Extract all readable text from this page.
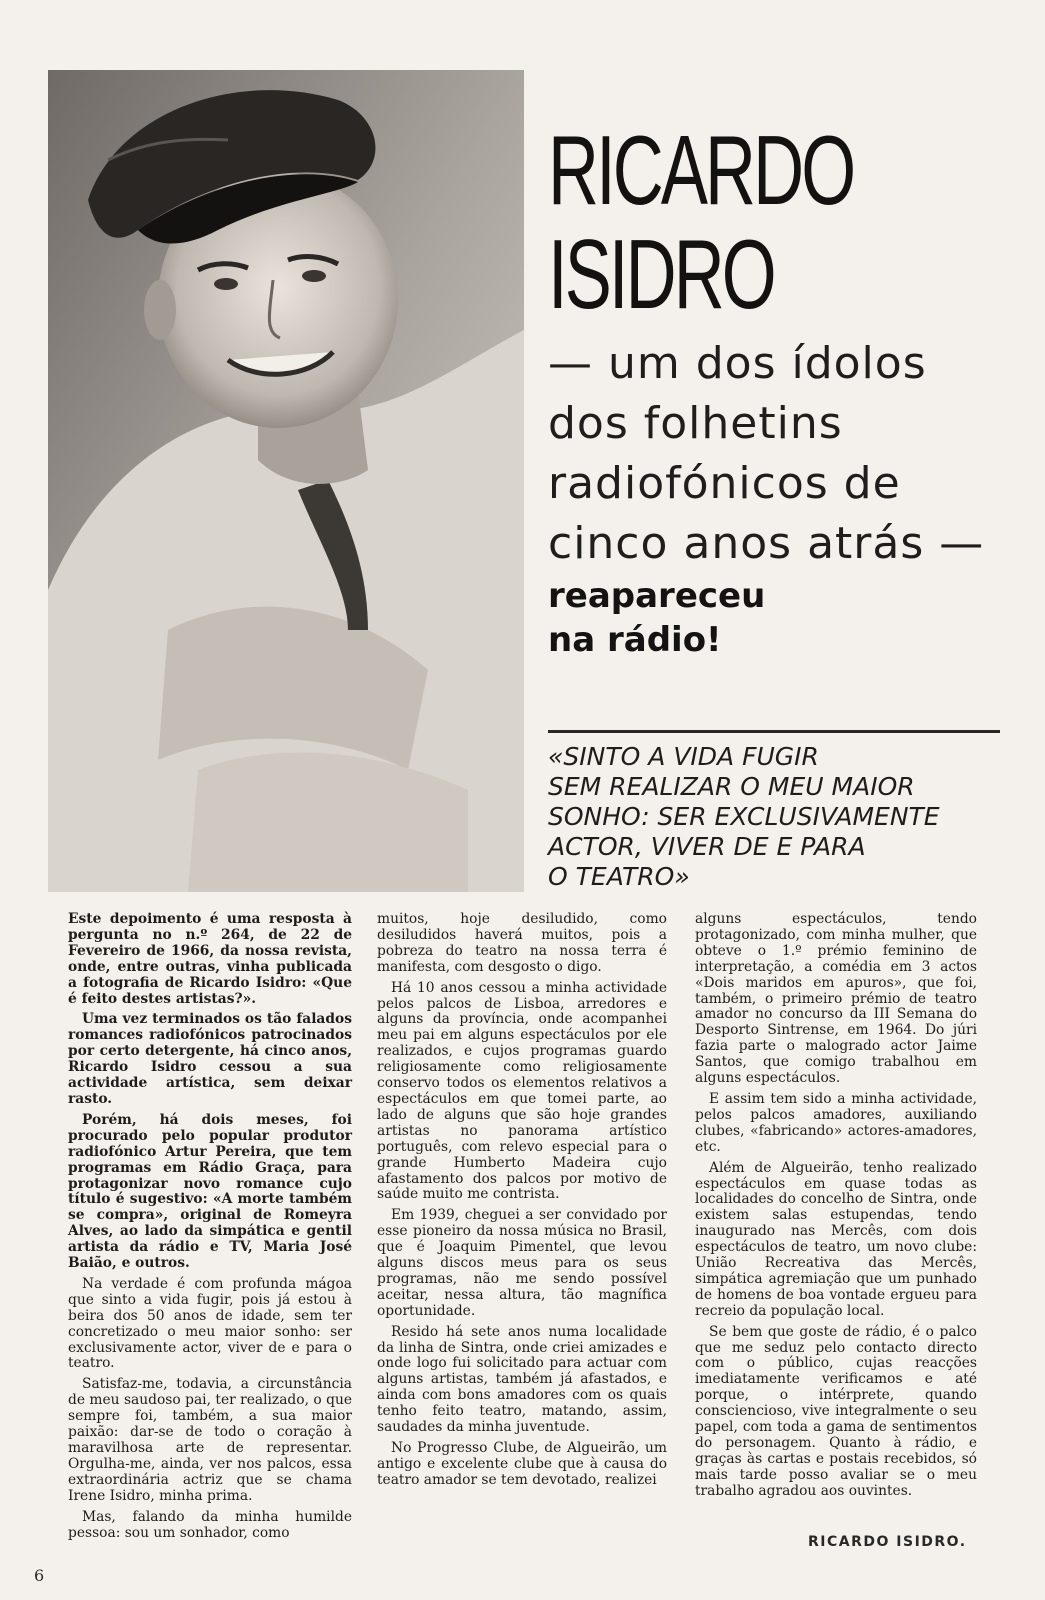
RICARDO
ISIDRO
— um dos ídolos
dos folhetins
radiofónicos de
cinco anos atrás —
reapareceu
na rádio!
«SINTO A VIDA FUGIR
SEM REALIZAR O MEU MAIOR
SONHO: SER EXCLUSIVAMENTE
ACTOR, VIVER DE E PARA
O TEATRO»

Este depoimento é uma resposta à pergunta no n.º 264, de 22 de Fevereiro de 1966, da nossa revista, onde, entre outras, vinha publicada a fotografia de Ricardo Isidro: «Que é feito destes artistas?».

Uma vez terminados os tão falados romances radiofónicos patrocinados por certo detergente, há cinco anos, Ricardo Isidro cessou a sua actividade artística, sem deixar rasto.

Porém, há dois meses, foi procurado pelo popular produtor radiofónico Artur Pereira, que tem programas em Rádio Graça, para protagonizar novo romance cujo título é sugestivo: «A morte também se compra», original de Romeyra Alves, ao lado da simpática e gentil artista da rádio e TV, Maria José Baião, e outros.

Na verdade é com profunda mágoa que sinto a vida fugir, pois já estou à beira dos 50 anos de idade, sem ter concretizado o meu maior sonho: ser exclusivamente actor, viver de e para o teatro.

Satisfaz-me, todavia, a circunstância de meu saudoso pai, ter realizado, o que sempre foi, também, a sua maior paixão: dar-se de todo o coração à maravilhosa arte de representar. Orgulha-me, ainda, ver nos palcos, essa extraordinária actriz que se chama Irene Isidro, minha prima.

Mas, falando da minha humilde pessoa: sou um sonhador, como

muitos, hoje desiludido, como desiludidos haverá muitos, pois a pobreza do teatro na nossa terra é manifesta, com desgosto o digo.

Há 10 anos cessou a minha actividade pelos palcos de Lisboa, arredores e alguns da província, onde acompanhei meu pai em alguns espectáculos por ele realizados, e cujos programas guardo religiosamente como religiosamente conservo todos os elementos relativos a espectáculos em que tomei parte, ao lado de alguns que são hoje grandes artistas no panorama artístico português, com relevo especial para o grande Humberto Madeira cujo afastamento dos palcos por motivo de saúde muito me contrista.

Em 1939, cheguei a ser convidado por esse pioneiro da nossa música no Brasil, que é Joaquim Pimentel, que levou alguns discos meus para os seus programas, não me sendo possível aceitar, nessa altura, tão magnífica oportunidade.

Resido há sete anos numa localidade da linha de Sintra, onde criei amizades e onde logo fui solicitado para actuar com alguns artistas, também já afastados, e ainda com bons amadores com os quais tenho feito teatro, matando, assim, saudades da minha juventude.

No Progresso Clube, de Algueirão, um antigo e excelente clube que à causa do teatro amador se tem devotado, realizei

alguns espectáculos, tendo protagonizado, com minha mulher, que obteve o 1.º prémio feminino de interpretação, a comédia em 3 actos «Dois maridos em apuros», que foi, também, o primeiro prémio de teatro amador no concurso da III Semana do Desporto Sintrense, em 1964. Do júri fazia parte o malogrado actor Jaime Santos, que comigo trabalhou em alguns espectáculos.

E assim tem sido a minha actividade, pelos palcos amadores, auxiliando clubes, «fabricando» actores-amadores, etc.

Além de Algueirão, tenho realizado espectáculos em quase todas as localidades do concelho de Sintra, onde existem salas estupendas, tendo inaugurado nas Mercês, com dois espectáculos de teatro, um novo clube: União Recreativa das Mercês, simpática agremiação que um punhado de homens de boa vontade ergueu para recreio da população local.

Se bem que goste de rádio, é o palco que me seduz pelo contacto directo com o público, cujas reacções imediatamente verificamos e até porque, o intérprete, quando consciencioso, vive integralmente o seu papel, com toda a gama de sentimentos do personagem. Quanto à rádio, e graças às cartas e postais recebidos, só mais tarde posso avaliar se o meu trabalho agradou aos ouvintes.

RICARDO ISIDRO.
6
